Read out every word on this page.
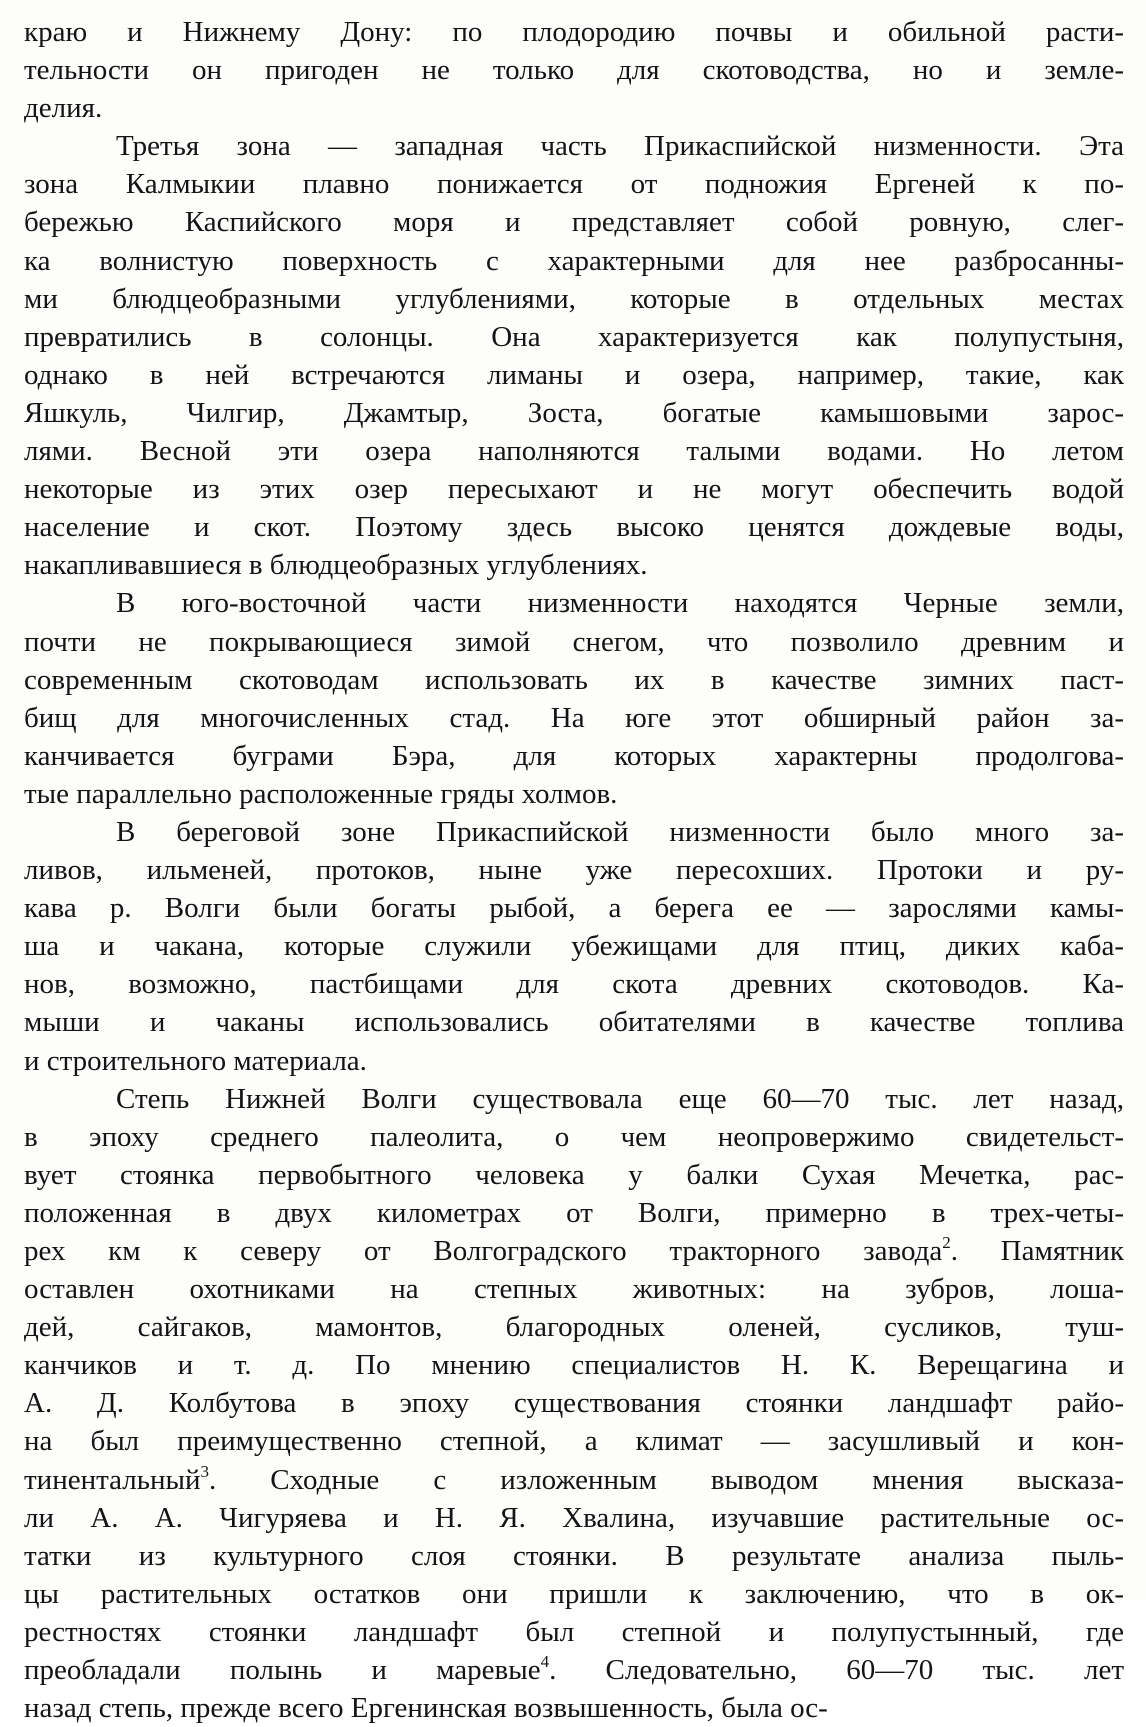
краю и Нижнему Дону: по плодородию почвы и обильной расти-
тельности он пригоден не только для скотоводства, но и земле-
делия.
Третья зона — западная часть Прикаспийской низменности. Эта
зона Калмыкии плавно понижается от подножия Ергеней к по-
бережью Каспийского моря и представляет собой ровную, слег-
ка волнистую поверхность с характерными для нее разбросанны-
ми блюдцеобразными углублениями, которые в отдельных местах
превратились в солонцы. Она характеризуется как полупустыня,
однако в ней встречаются лиманы и озера, например, такие, как
Яшкуль, Чилгир, Джамтыр, Зоста, богатые камышовыми зарос-
лями. Весной эти озера наполняются талыми водами. Но летом
некоторые из этих озер пересыхают и не могут обеспечить водой
население и скот. Поэтому здесь высоко ценятся дождевые воды,
накапливавшиеся в блюдцеобразных углублениях.
В юго-восточной части низменности находятся Черные земли,
почти не покрывающиеся зимой снегом, что позволило древним и
современным скотоводам использовать их в качестве зимних паст-
бищ для многочисленных стад. На юге этот обширный район за-
канчивается буграми Бэра, для которых характерны продолгова-
тые параллельно расположенные гряды холмов.
В береговой зоне Прикаспийской низменности было много за-
ливов, ильменей, протоков, ныне уже пересохших. Протоки и ру-
кава р. Волги были богаты рыбой, а берега ее — зарослями камы-
ша и чакана, которые служили убежищами для птиц, диких каба-
нов, возможно, пастбищами для скота древних скотоводов. Ка-
мыши и чаканы использовались обитателями в качестве топлива
и строительного материала.
Степь Нижней Волги существовала еще 60—70 тыс. лет назад,
в эпоху среднего палеолита, о чем неопровержимо свидетельст-
вует стоянка первобытного человека у балки Сухая Мечетка, рас-
положенная в двух километрах от Волги, примерно в трех-четы-
рех км к северу от Волгоградского тракторного завода$^2$. Памятник
оставлен охотниками на степных животных: на зубров, лоша-
дей, сайгаков, мамонтов, благородных оленей, сусликов, туш-
канчиков и т. д. По мнению специалистов Н. К. Верещагина и
А. Д. Колбутова в эпоху существования стоянки ландшафт райо-
на был преимущественно степной, а климат — засушливый и кон-
тинентальный$^3$. Сходные с изложенным выводом мнения высказа-
ли А. А. Чигуряева и Н. Я. Хвалина, изучавшие растительные ос-
татки из культурного слоя стоянки. В результате анализа пыль-
цы растительных остатков они пришли к заключению, что в ок-
рестностях стоянки ландшафт был степной и полупустынный, где
преобладали полынь и маревые$^4$. Следовательно, 60—70 тыс. лет
назад степь, прежде всего Ергенинская возвышенность, была ос-
